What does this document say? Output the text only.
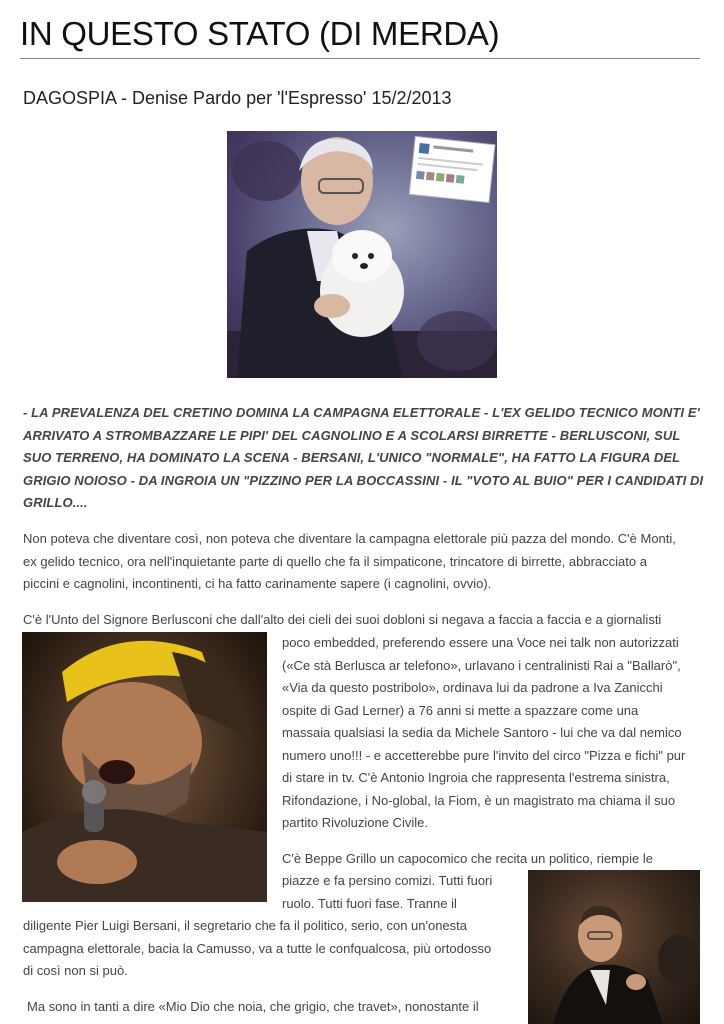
IN QUESTO STATO (DI MERDA)
DAGOSPIA - Denise Pardo per 'l'Espresso' 15/2/2013
- LA PREVALENZA DEL CRETINO DOMINA LA CAMPAGNA ELETTORALE - L'EX GELIDO TECNICO MONTI E' ARRIVATO A STROMBAZZARE LE PIPI' DEL CAGNOLINO E A SCOLARSI BIRRETTE - BERLUSCONI, SUL SUO TERRENO, HA DOMINATO LA SCENA - BERSANI, L'UNICO "NORMALE", HA FATTO LA FIGURA DEL GRIGIO NOIOSO - DA INGROIA UN "PIZZINO PER LA BOCCASSINI - IL "VOTO AL BUIO" PER I CANDIDATI DI GRILLO....

Non poteva che diventare così, non poteva che diventare la campagna elettorale più pazza del mondo. C'è Monti,

ex gelido tecnico, ora nell'inquietante parte di quello che fa il simpaticone, trincatore di birrette, abbracciato a

piccini e cagnolini, incontinenti, ci ha fatto carinamente sapere (i cagnolini, ovvio).

C'è l'Unto del Signore Berlusconi che dall'alto dei cieli dei suoi dobloni si negava a faccia a faccia e a giornalisti

poco embedded, preferendo essere una Voce nei talk non autorizzati

(«Ce stà Berlusca ar telefono», urlavano i centralinisti Rai a "Ballarò",

«Via da questo postribolo», ordinava lui da padrone a Iva Zanicchi

ospite di Gad Lerner) a 76 anni si mette a spazzare come una

massaia qualsiasi la sedia da Michele Santoro - lui che va dal nemico

numero uno!!! - e accetterebbe pure l'invito del circo "Pizza e fichi" pur

di stare in tv. C'è Antonio Ingroia che rappresenta l'estrema sinistra,

Rifondazione, i No-global, la Fiom, è un magistrato ma chiama il suo

partito Rivoluzione Civile.

C'è Beppe Grillo un capocomico che recita un politico, riempie le

piazze e fa persino comizi. Tutti fuori

ruolo. Tutti fuori fase. Tranne il

diligente Pier Luigi Bersani, il segretario che fa il politico, serio, con un'onesta

campagna elettorale, bacia la Camusso, va a tutte le confqualcosa, più ortodosso

di così non si può.

Ma sono in tanti a dire «Mio Dio che noia, che grigio, che travet», nonostante il
